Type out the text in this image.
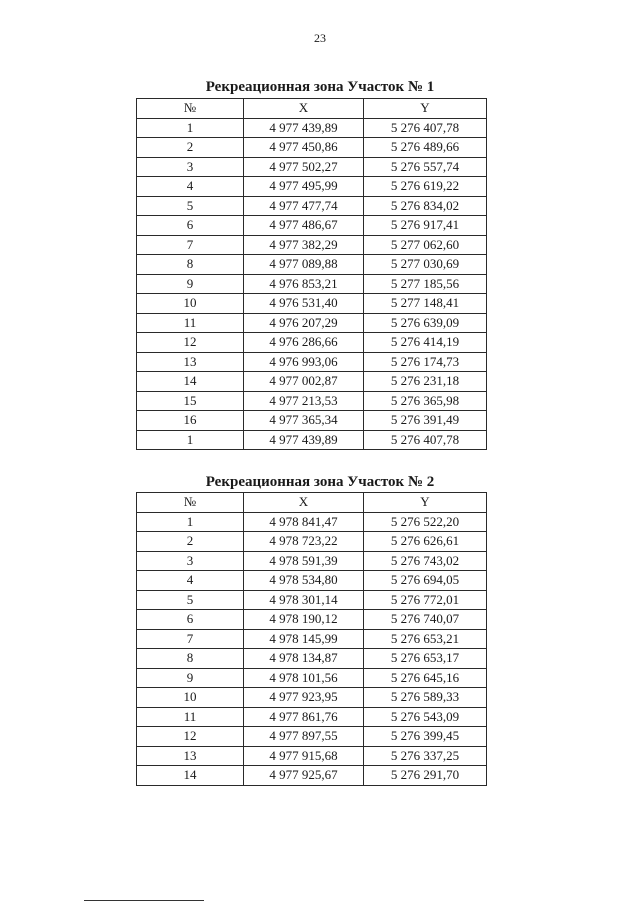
23
Рекреационная зона Участок № 1
№	X	Y
1	4 977 439,89	5 276 407,78
2	4 977 450,86	5 276 489,66
3	4 977 502,27	5 276 557,74
4	4 977 495,99	5 276 619,22
5	4 977 477,74	5 276 834,02
6	4 977 486,67	5 276 917,41
7	4 977 382,29	5 277 062,60
8	4 977 089,88	5 277 030,69
9	4 976 853,21	5 277 185,56
10	4 976 531,40	5 277 148,41
11	4 976 207,29	5 276 639,09
12	4 976 286,66	5 276 414,19
13	4 976 993,06	5 276 174,73
14	4 977 002,87	5 276 231,18
15	4 977 213,53	5 276 365,98
16	4 977 365,34	5 276 391,49
1	4 977 439,89	5 276 407,78
Рекреационная зона Участок № 2
№	X	Y
1	4 978 841,47	5 276 522,20
2	4 978 723,22	5 276 626,61
3	4 978 591,39	5 276 743,02
4	4 978 534,80	5 276 694,05
5	4 978 301,14	5 276 772,01
6	4 978 190,12	5 276 740,07
7	4 978 145,99	5 276 653,21
8	4 978 134,87	5 276 653,17
9	4 978 101,56	5 276 645,16
10	4 977 923,95	5 276 589,33
11	4 977 861,76	5 276 543,09
12	4 977 897,55	5 276 399,45
13	4 977 915,68	5 276 337,25
14	4 977 925,67	5 276 291,70
